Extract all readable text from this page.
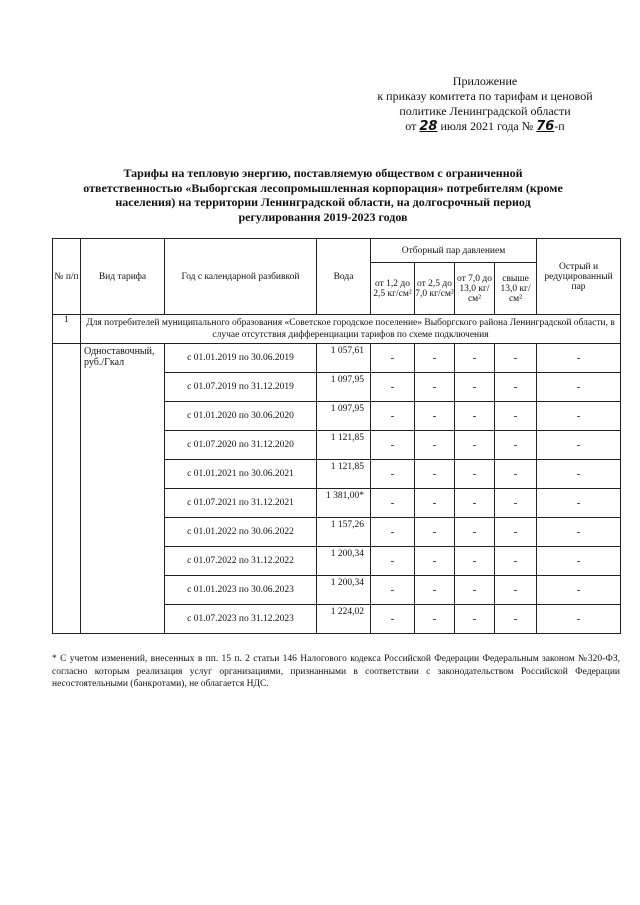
Приложение
к приказу комитета по тарифам и ценовой
политике Ленинградской области
от 28 июля 2021 года № 76-п
Тарифы на тепловую энергию, поставляемую обществом с ограниченной ответственностью «Выборгская лесопромышленная корпорация» потребителям (кроме населения) на территории Ленинградской области, на долгосрочный период регулирования 2019-2023 годов
№ п/п	Вид тарифа	Год с календарной разбивкой	Вода	Отборный пар давлением				Острый и редуцированный пар
				от 1,2 до 2,5 кг/см²	от 2,5 до 7,0 кг/см²	от 7,0 до 13,0 кг/см²	свыше 13,0 кг/см²	
1	Для потребителей муниципального образования «Советское городское поселение» Выборгского района Ленинградской области, в случае отсутствия дифференциации тарифов по схеме подключения							
	Одноставочный, руб./Гкал	с 01.01.2019 по 30.06.2019	1 057,61	-	-	-	-	-
		с 01.07.2019 по 31.12.2019	1 097,95	-	-	-	-	-
		с 01.01.2020 по 30.06.2020	1 097,95	-	-	-	-	-
		с 01.07.2020 по 31.12.2020	1 121,85	-	-	-	-	-
		с 01.01.2021 по 30.06.2021	1 121,85	-	-	-	-	-
		с 01.07.2021 по 31.12.2021	1 381,00*	-	-	-	-	-
		с 01.01.2022 по 30.06.2022	1 157,26	-	-	-	-	-
		с 01.07.2022 по 31.12.2022	1 200,34	-	-	-	-	-
		с 01.01.2023 по 30.06.2023	1 200,34	-	-	-	-	-
		с 01.07.2023 по 31.12.2023	1 224,02	-	-	-	-	-
* С учетом изменений, внесенных в пп. 15 п. 2 статьи 146 Налогового кодекса Российской Федерации Федеральным законом №320-ФЗ, согласно которым реализация услуг организациями, признанными в соответствии с законодательством Российской Федерации несостоятельными (банкротами), не облагается НДС.
